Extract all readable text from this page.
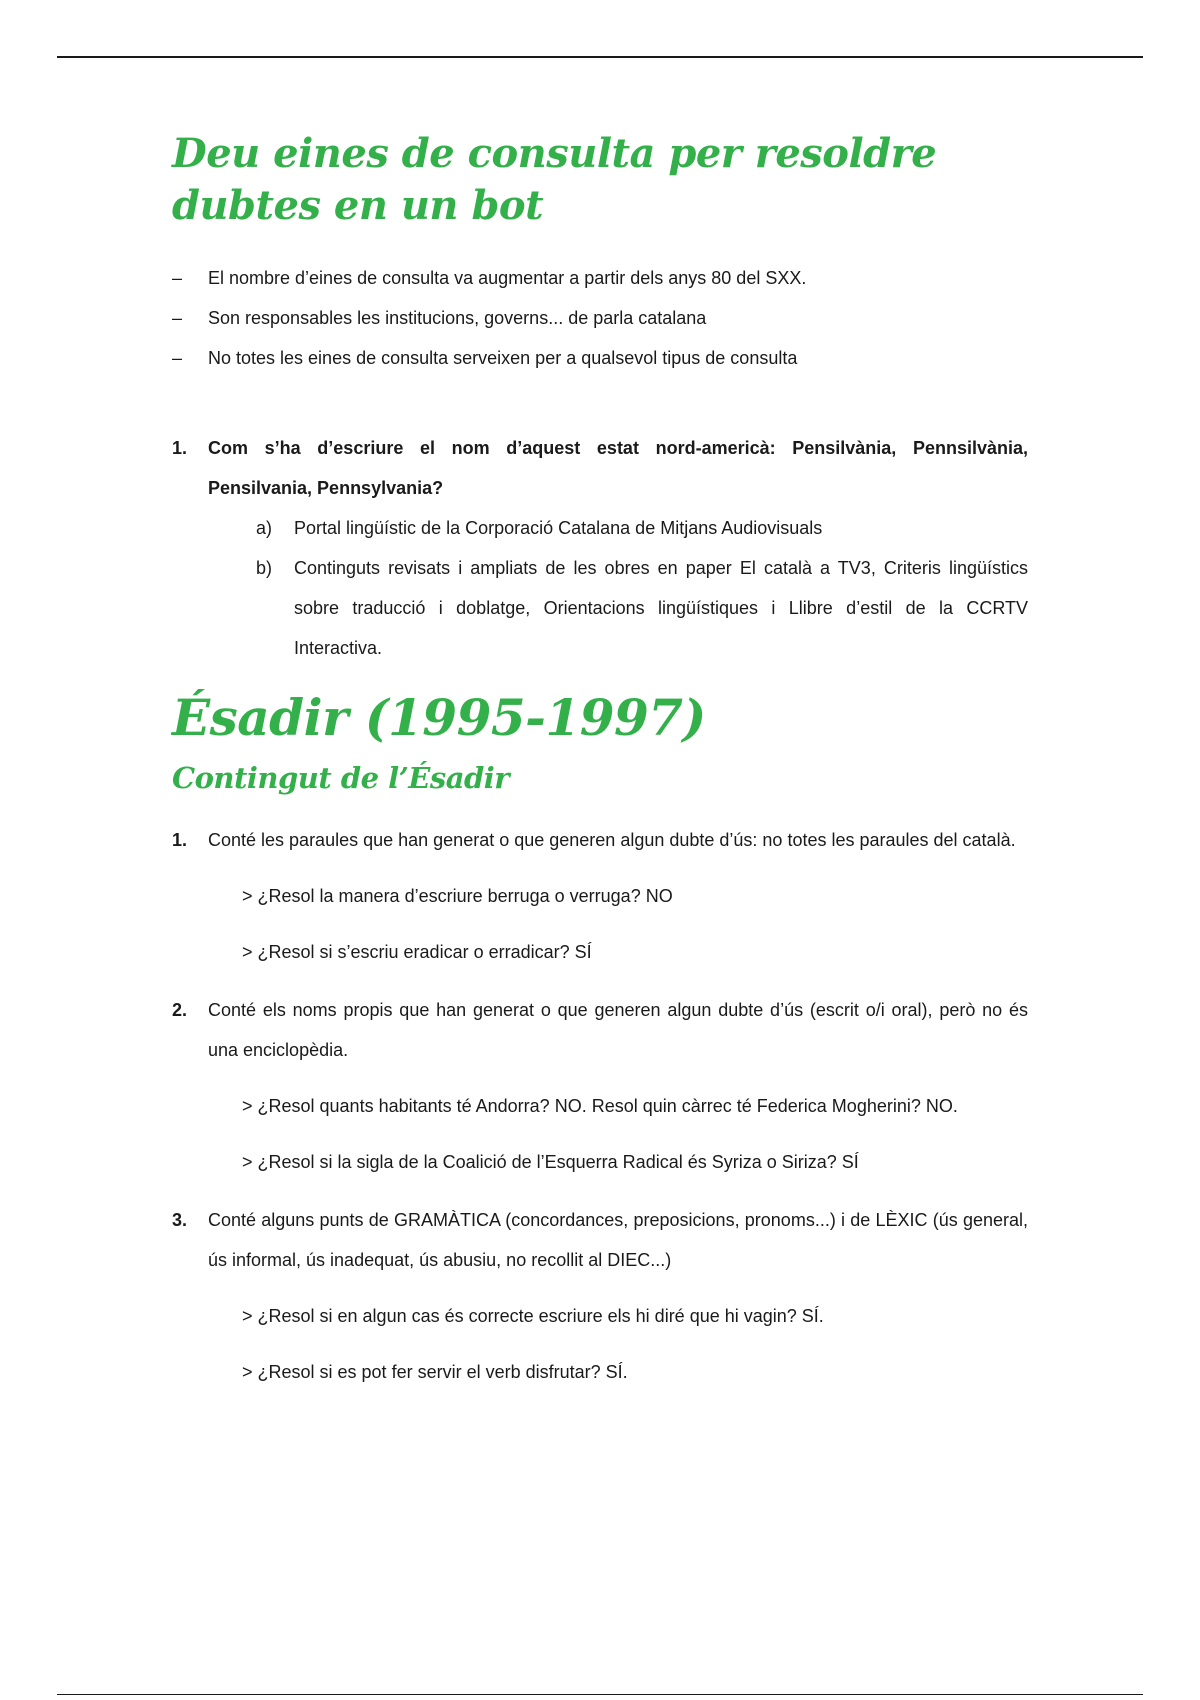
Deu eines de consulta per resoldre dubtes en un bot
– El nombre d’eines de consulta va augmentar a partir dels anys 80 del SXX.
– Son responsables les institucions, governs... de parla catalana
– No totes les eines de consulta serveixen per a qualsevol tipus de consulta
1. Com s’ha d’escriure el nom d’aquest estat nord-americà: Pensilvània, Pennsilvània, Pensilvania, Pennsylvania?
a) Portal lingüístic de la Corporació Catalana de Mitjans Audiovisuals
b) Continguts revisats i ampliats de les obres en paper El català a TV3, Criteris lingüístics sobre traducció i doblatge, Orientacions lingüístiques i Llibre d’estil de la CCRTV Interactiva.
Ésadir (1995-1997)
Contingut de l’Ésadir
1. Conté les paraules que han generat o que generen algun dubte d’ús: no totes les paraules del català.
> ¿Resol la manera d’escriure berruga o verruga? NO
> ¿Resol si s’escriu eradicar o erradicar? SÍ
2. Conté els noms propis que han generat o que generen algun dubte d’ús (escrit o/i oral), però no és una enciclopèdia.
> ¿Resol quants habitants té Andorra? NO. Resol quin càrrec té Federica Mogherini? NO.
> ¿Resol si la sigla de la Coalició de l’Esquerra Radical és Syriza o Siriza? SÍ
3. Conté alguns punts de GRAMÀTICA (concordances, preposicions, pronoms...) i de LÈXIC (ús general, ús informal, ús inadequat, ús abusiu, no recollit al DIEC...)
> ¿Resol si en algun cas és correcte escriure els hi diré que hi vagin? SÍ.
> ¿Resol si es pot fer servir el verb disfrutar? SÍ.
